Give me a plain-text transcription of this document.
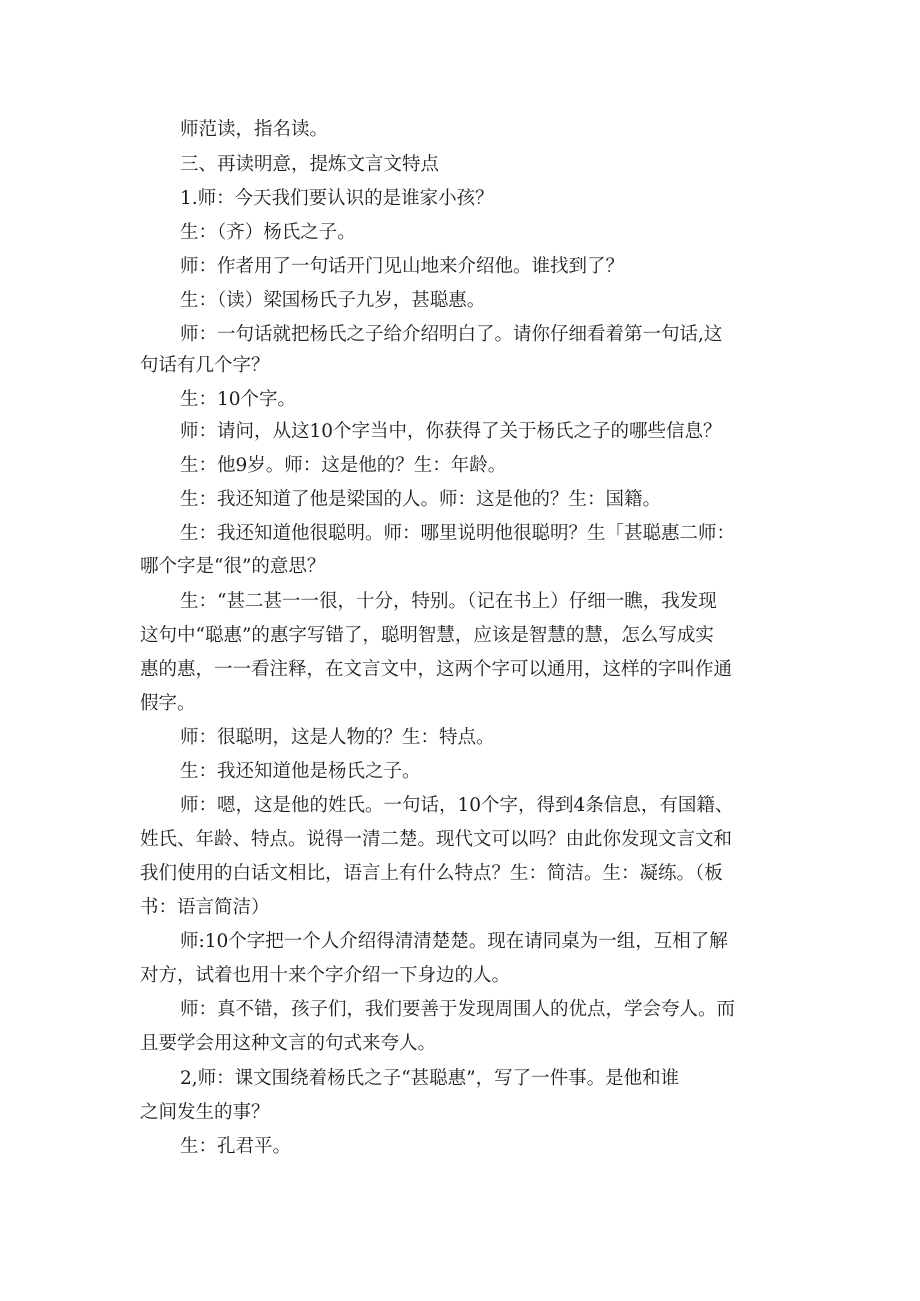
师范读，指名读。

三、再读明意，提炼文言文特点

1.师：今天我们要认识的是谁家小孩？

生：（齐）杨氏之子。

师：作者用了一句话开门见山地来介绍他。谁找到了？

生：（读）梁国杨氏子九岁，甚聪惠。

师：一句话就把杨氏之子给介绍明白了。请你仔细看着第一句话,这

句话有几个字？

生：10个字。

师：请问，从这10个字当中，你获得了关于杨氏之子的哪些信息？

生：他9岁。师：这是他的？生：年龄。

生：我还知道了他是梁国的人。师：这是他的？生：国籍。

生：我还知道他很聪明。师：哪里说明他很聪明？生「甚聪惠二师：

哪个字是“很”的意思？

生：“甚二甚一一很，十分，特别。（记在书上）仔细一瞧，我发现

这句中“聪惠”的惠字写错了，聪明智慧，应该是智慧的慧，怎么写成实

惠的惠，一一看注释，在文言文中，这两个字可以通用，这样的字叫作通

假字。

师：很聪明，这是人物的？生：特点。

生：我还知道他是杨氏之子。

师：嗯，这是他的姓氏。一句话，10个字，得到4条信息，有国籍、

姓氏、年龄、特点。说得一清二楚。现代文可以吗？由此你发现文言文和

我们使用的白话文相比，语言上有什么特点？生：简洁。生：凝练。（板

书：语言简洁）

师:10个字把一个人介绍得清清楚楚。现在请同桌为一组，互相了解

对方，试着也用十来个字介绍一下身边的人。

师：真不错，孩子们，我们要善于发现周围人的优点，学会夸人。而

且要学会用这种文言的句式来夸人。

2,师：课文围绕着杨氏之子“甚聪惠”，写了一件事。是他和谁

之间发生的事？

生：孔君平。
